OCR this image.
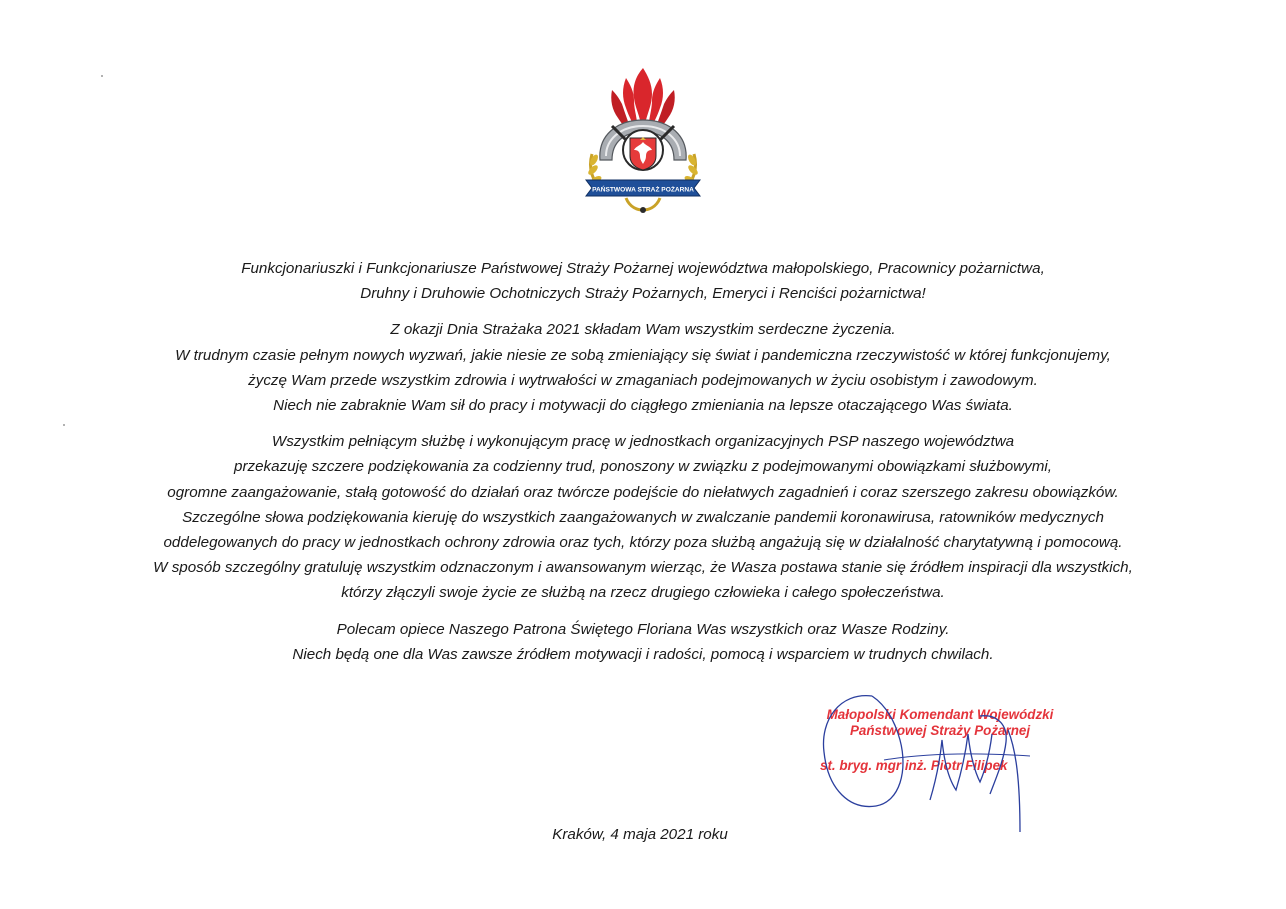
PAŃSTWOWA STRAŻ POŻARNA
Funkcjonariuszki i Funkcjonariusze Państwowej Straży Pożarnej województwa małopolskiego, Pracownicy pożarnictwa,
Druhny i Druhowie Ochotniczych Straży Pożarnych, Emeryci i Renciści pożarnictwa!
Z okazji Dnia Strażaka 2021 składam Wam wszystkim serdeczne życzenia.
W trudnym czasie pełnym nowych wyzwań, jakie niesie ze sobą zmieniający się świat i pandemiczna rzeczywistość w której funkcjonujemy,
życzę Wam przede wszystkim zdrowia i wytrwałości w zmaganiach podejmowanych w życiu osobistym i zawodowym.
Niech nie zabraknie Wam sił do pracy i motywacji do ciągłego zmieniania na lepsze otaczającego Was świata.
Wszystkim pełniącym służbę i wykonującym pracę w jednostkach organizacyjnych PSP naszego województwa
przekazuję szczere podziękowania za codzienny trud, ponoszony w związku z podejmowanymi obowiązkami służbowymi,
ogromne zaangażowanie, stałą gotowość do działań oraz twórcze podejście do niełatwych zagadnień i coraz szerszego zakresu obowiązków.
Szczególne słowa podziękowania kieruję do wszystkich zaangażowanych w zwalczanie pandemii koronawirusa, ratowników medycznych
oddelegowanych do pracy w jednostkach ochrony zdrowia oraz tych, którzy poza służbą angażują się w działalność charytatywną i pomocową.
W sposób szczególny gratuluję wszystkim odznaczonym i awansowanym wierząc, że Wasza postawa stanie się źródłem inspiracji dla wszystkich,
którzy złączyli swoje życie ze służbą na rzecz drugiego człowieka i całego społeczeństwa.
Polecam opiece Naszego Patrona Świętego Floriana Was wszystkich oraz Wasze Rodziny.
Niech będą one dla Was zawsze źródłem motywacji i radości, pomocą i wsparciem w trudnych chwilach.
Małopolski Komendant Wojewódzki
Państwowej Straży Pożarnej
st. bryg. mgr inż. Piotr Filipek
Kraków, 4 maja 2021 roku
